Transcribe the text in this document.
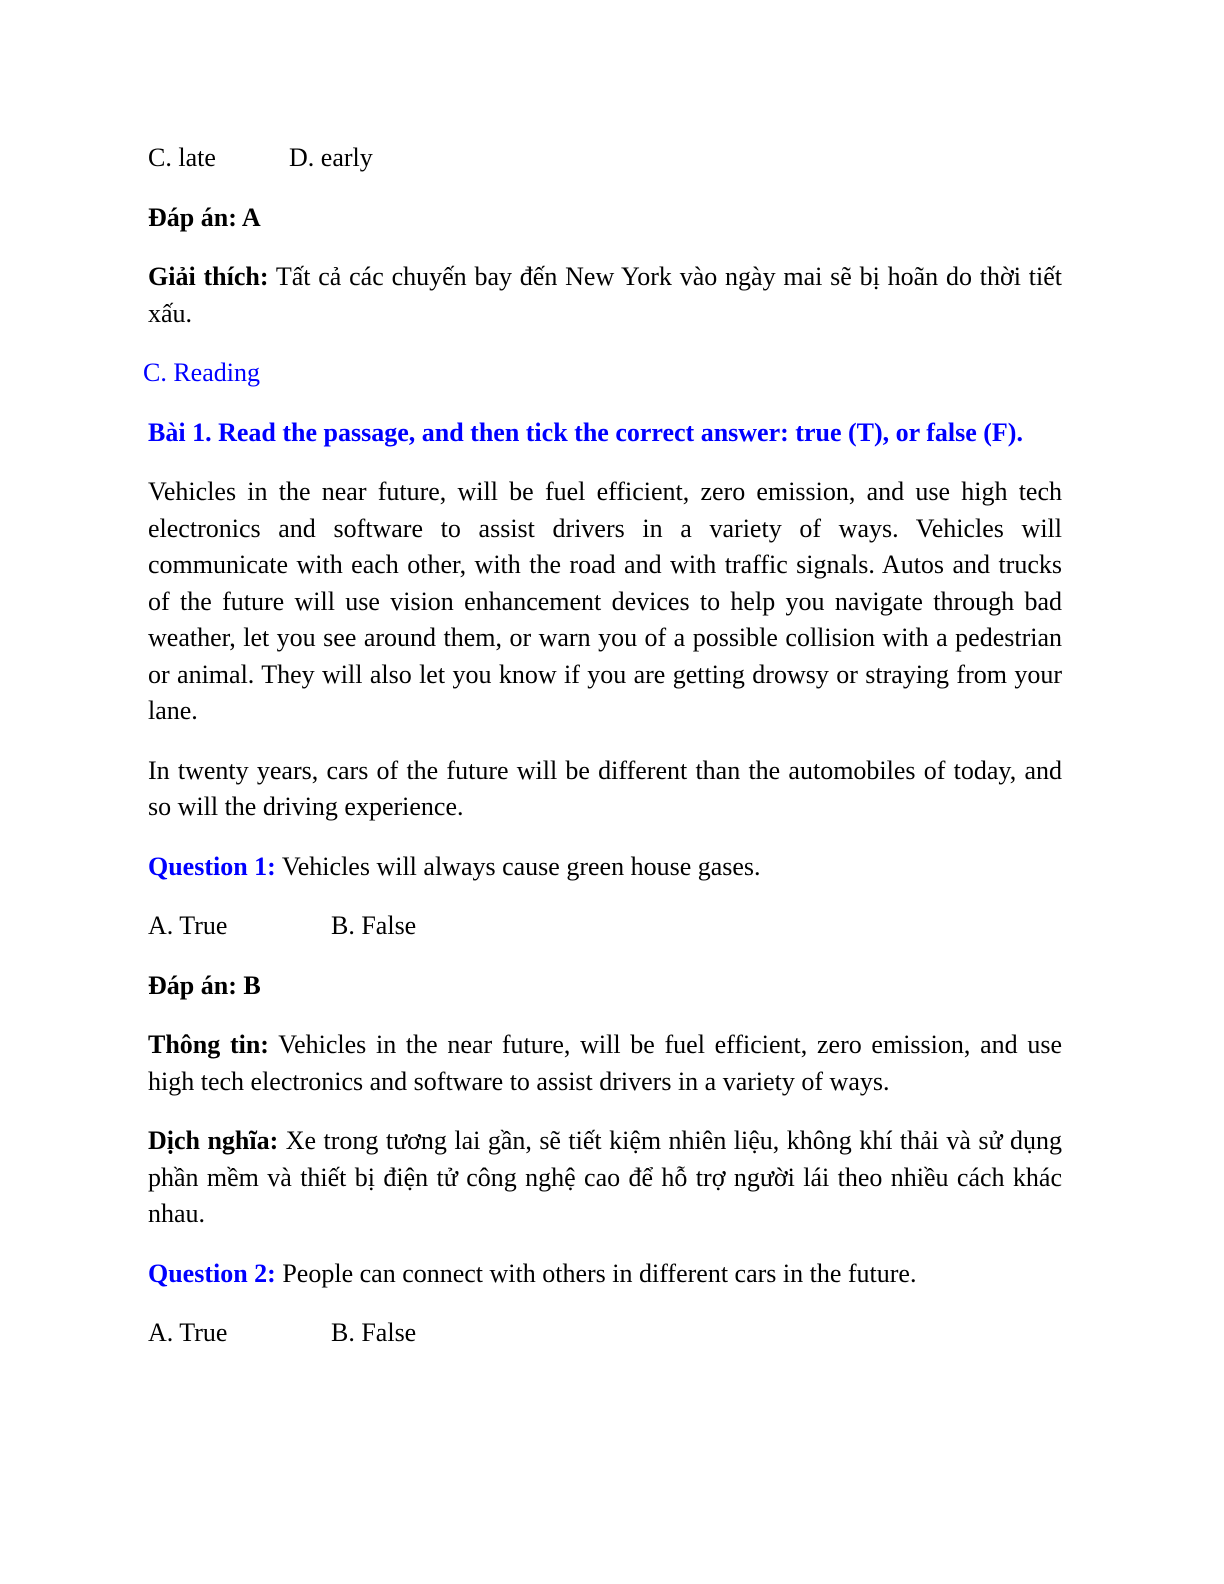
C. late	D. early

Đáp án: A

Giải thích: Tất cả các chuyến bay đến New York vào ngày mai sẽ bị hoãn do thời tiết xấu.

C. Reading

Bài 1. Read the passage, and then tick the correct answer: true (T), or false (F).

Vehicles in the near future, will be fuel efficient, zero emission, and use high tech electronics and software to assist drivers in a variety of ways. Vehicles will communicate with each other, with the road and with traffic signals. Autos and trucks of the future will use vision enhancement devices to help you navigate through bad weather, let you see around them, or warn you of a possible collision with a pedestrian or animal. They will also let you know if you are getting drowsy or straying from your lane.

In twenty years, cars of the future will be different than the automobiles of today, and so will the driving experience.

Question 1: Vehicles will always cause green house gases.

A. True	B. False

Đáp án: B

Thông tin: Vehicles in the near future, will be fuel efficient, zero emission, and use high tech electronics and software to assist drivers in a variety of ways.

Dịch nghĩa: Xe trong tương lai gần, sẽ tiết kiệm nhiên liệu, không khí thải và sử dụng phần mềm và thiết bị điện tử công nghệ cao để hỗ trợ người lái theo nhiều cách khác nhau.

Question 2: People can connect with others in different cars in the future.

A. True	B. False
